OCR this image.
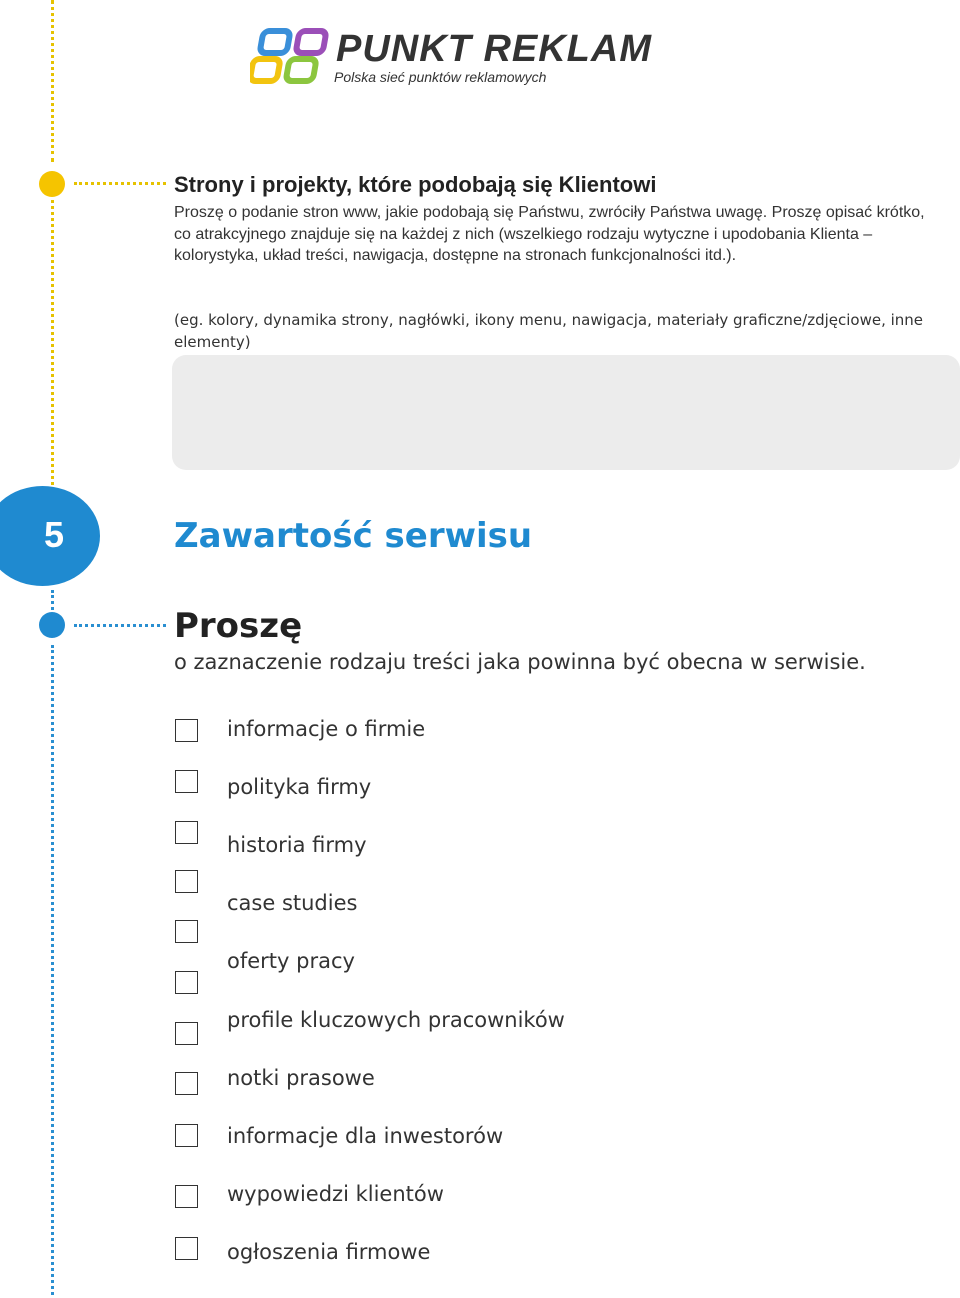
PUNKT REKLAM
Polska sieć punktów reklamowych
Strony i projekty, które podobają się Klientowi
Proszę o podanie stron www, jakie podobają się Państwu, zwróciły Państwa uwagę. Proszę opisać krótko, co atrakcyjnego znajduje się na każdej z nich (wszelkiego rodzaju wytyczne i upodobania Klienta – kolorystyka, układ treści, nawigacja, dostępne na stronach funkcjonalności itd.).
(eg. kolory, dynamika strony, nagłówki, ikony menu, nawigacja, materiały graficzne/zdjęciowe, inne elementy)
5	Zawartość serwisu
Proszę
o zaznaczenie rodzaju treści jaka powinna być obecna w serwisie.
informacje o firmie
polityka firmy
historia firmy
case studies
oferty pracy
profile kluczowych pracowników
notki prasowe
informacje dla inwestorów
wypowiedzi klientów
ogłoszenia firmowe
